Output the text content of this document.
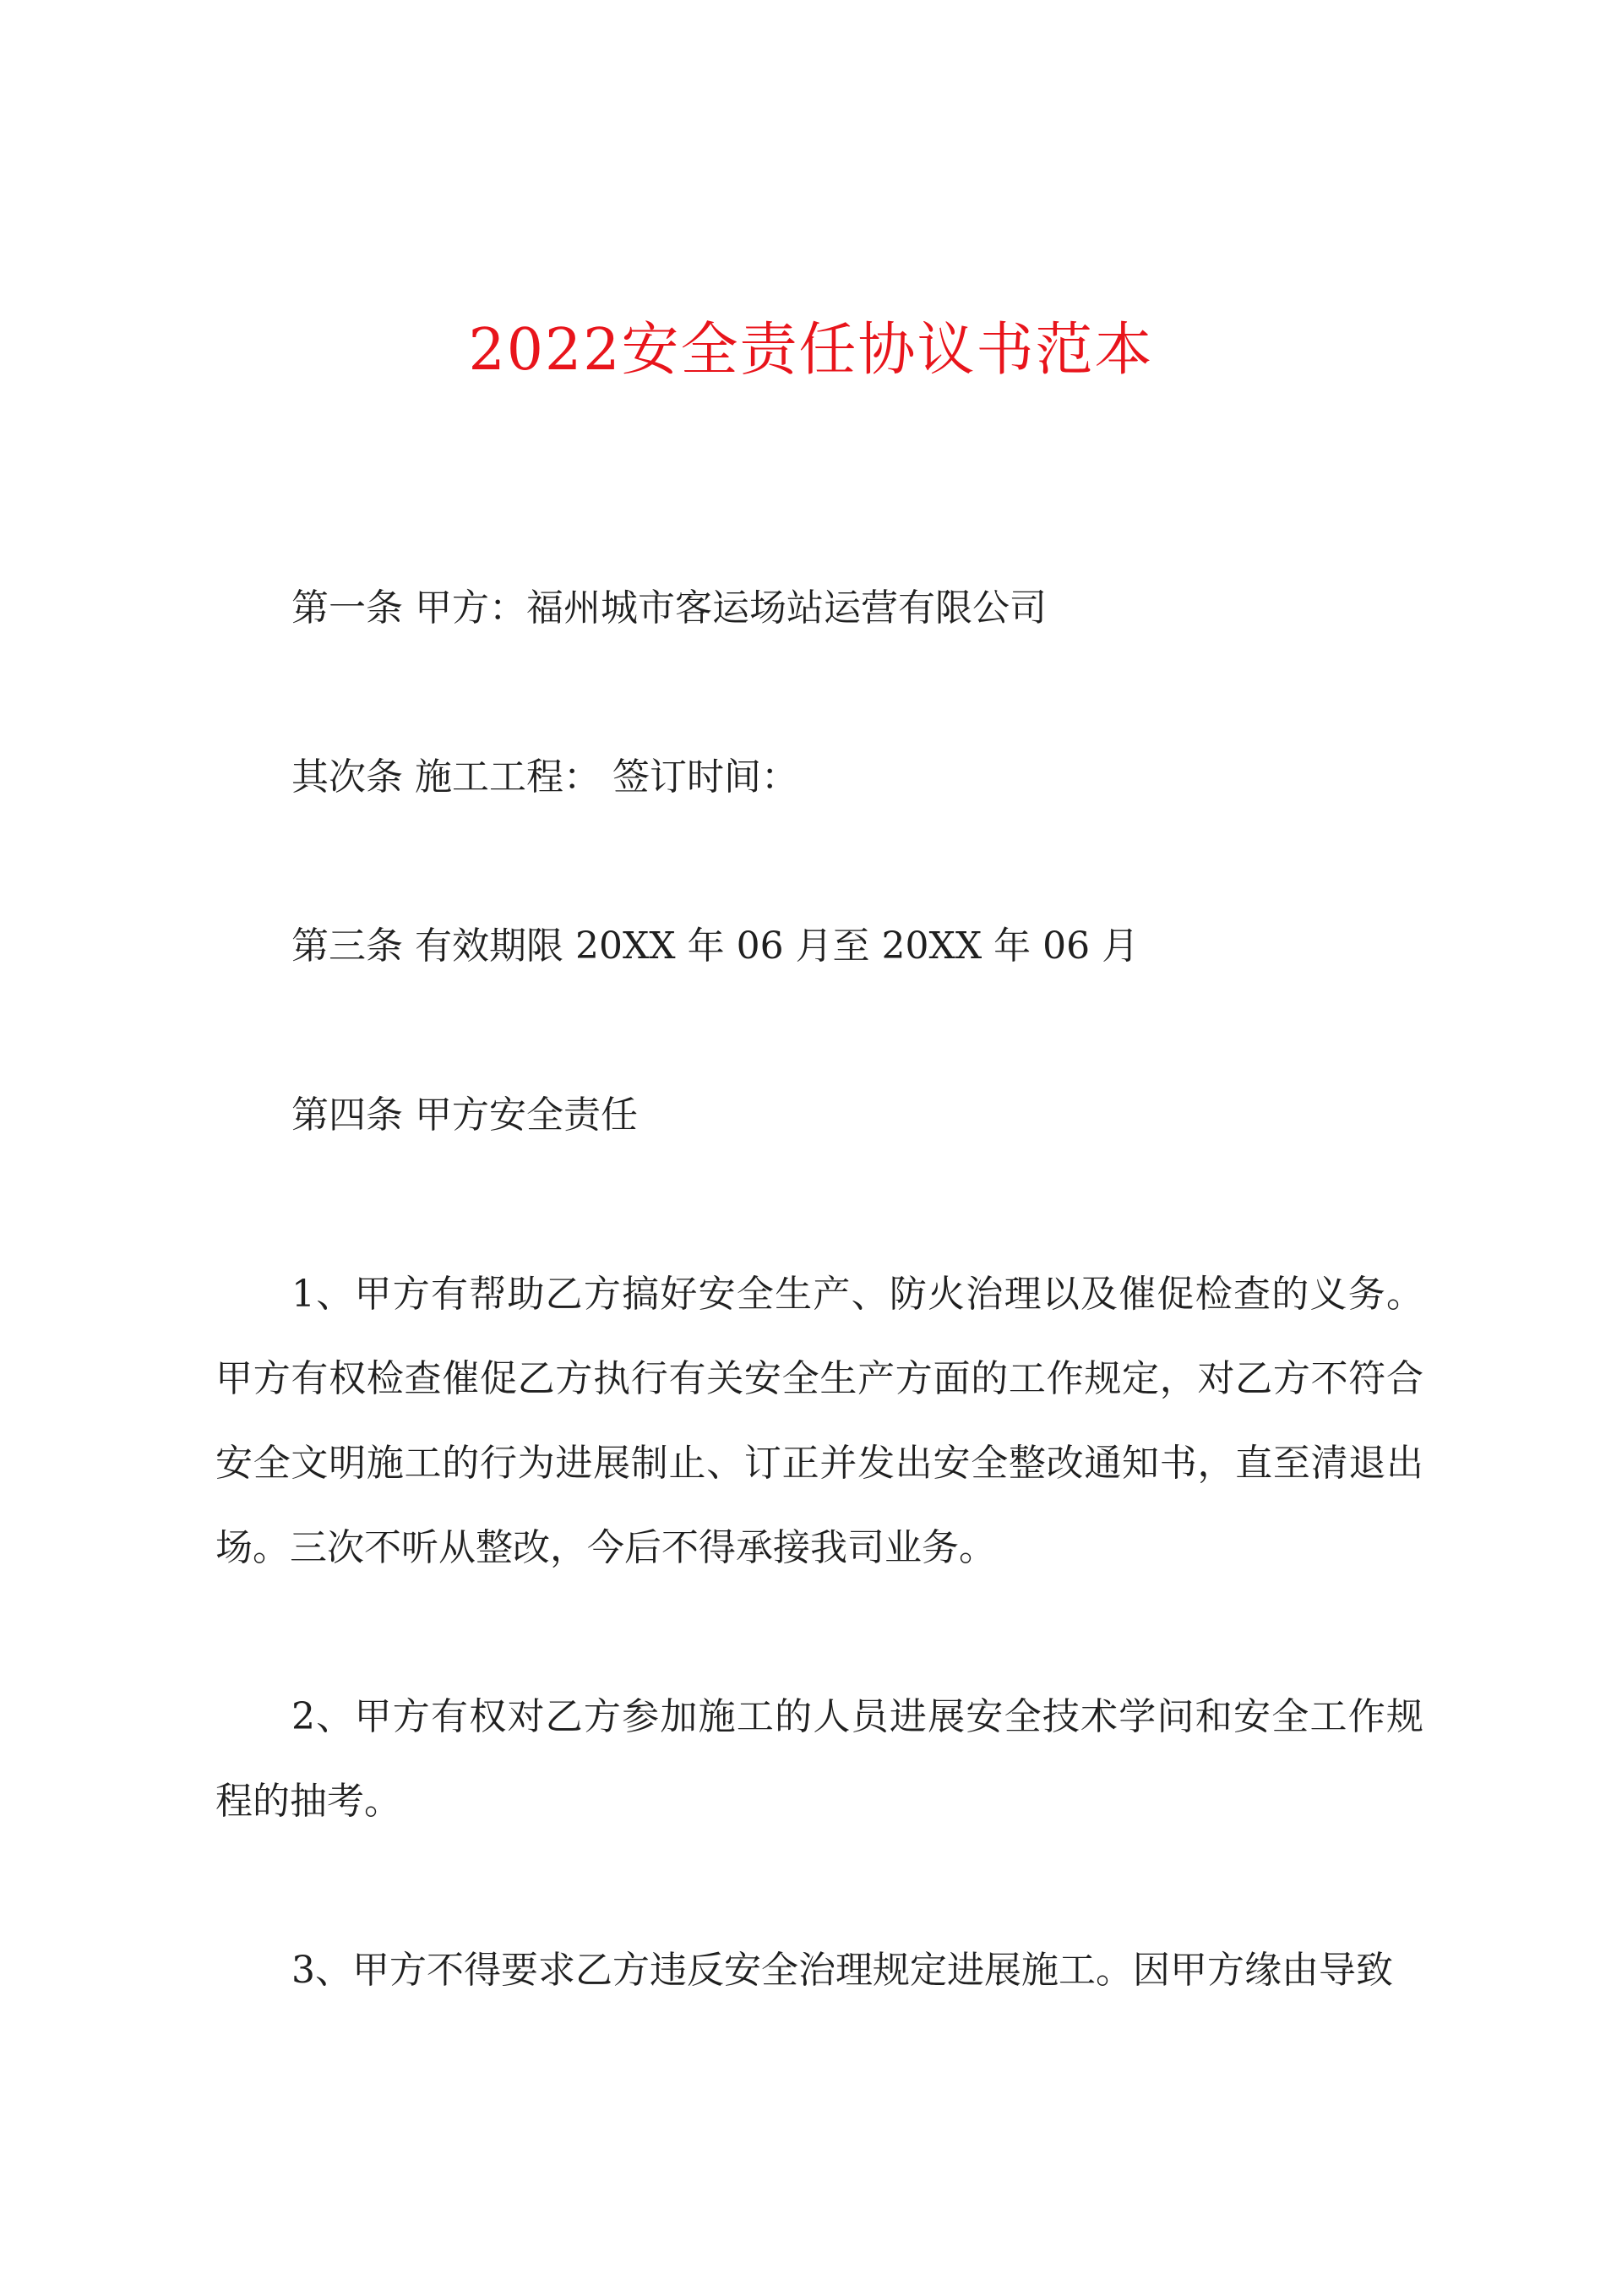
2022安全责任协议书范本
第一条 甲方：福州城市客运场站运营有限公司
其次条 施工工程： 签订时间：
第三条 有效期限 20XX 年 06 月至 20XX 年 06 月
第四条 甲方安全责任
1、甲方有帮助乙方搞好安全生产、防火治理以及催促检查的义务。甲方有权检查催促乙方执行有关安全生产方面的工作规定，对乙方不符合安全文明施工的行为进展制止、订正并发出安全整改通知书，直至清退出场。三次不听从整改，今后不得承接我司业务。
2、甲方有权对乙方参加施工的人员进展安全技术学问和安全工作规程的抽考。
3、甲方不得要求乙方违反安全治理规定进展施工。因甲方缘由导致
